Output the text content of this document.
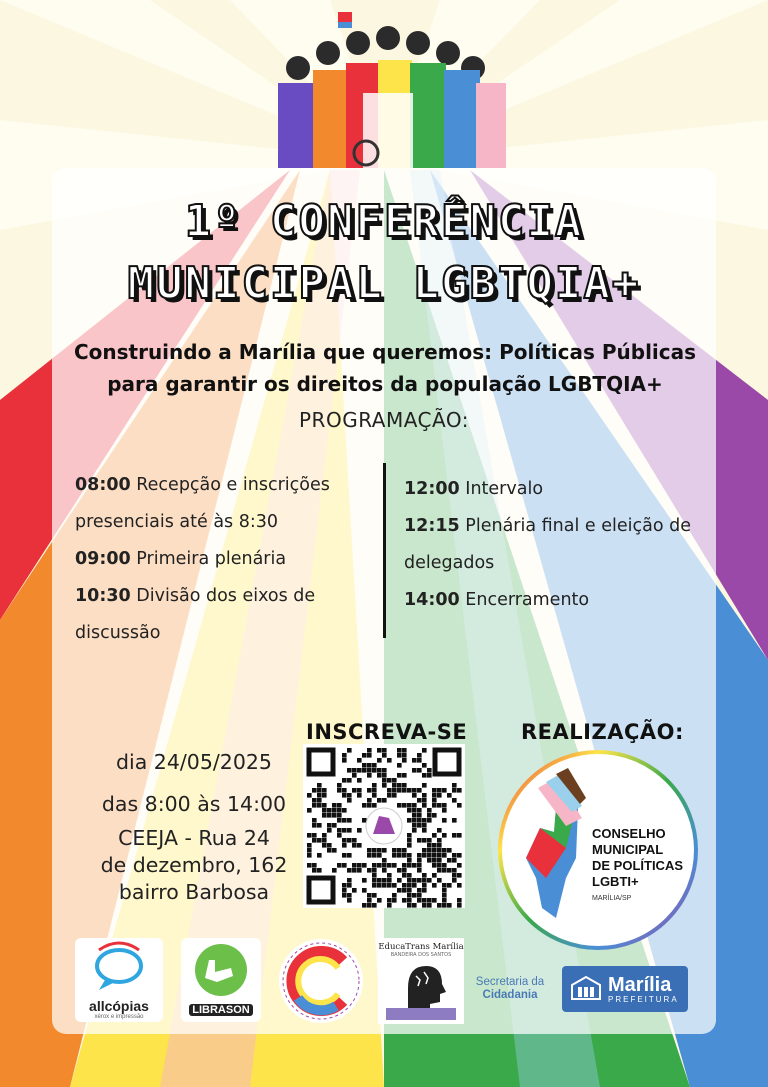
1º CONFERÊNCIA
MUNICIPAL LGBTQIA+
Construindo a Marília que queremos: Políticas Públicas
para garantir os direitos da população LGBTQIA+
PROGRAMAÇÃO:
08:00 Recepção e inscrições
presenciais até às 8:30
09:00 Primeira plenária
10:30 Divisão dos eixos de
discussão
12:00 Intervalo
12:15 Plenária final e eleição de
delegados
14:00 Encerramento
dia 24/05/2025
das 8:00 às 14:00
CEEJA - Rua 24
de dezembro, 162
bairro Barbosa
INSCREVA-SE	REALIZAÇÃO:
CONSELHO
MUNICIPAL
DE POLÍTICAS
LGBTI+
MARÍLIA/SP
allcópias
xérox e impressão
LIBRASON
EducaTrans Marília
BANDEIRA DOS SANTOS
Secretaria da
Cidadania	Marília
PREFEITURA
